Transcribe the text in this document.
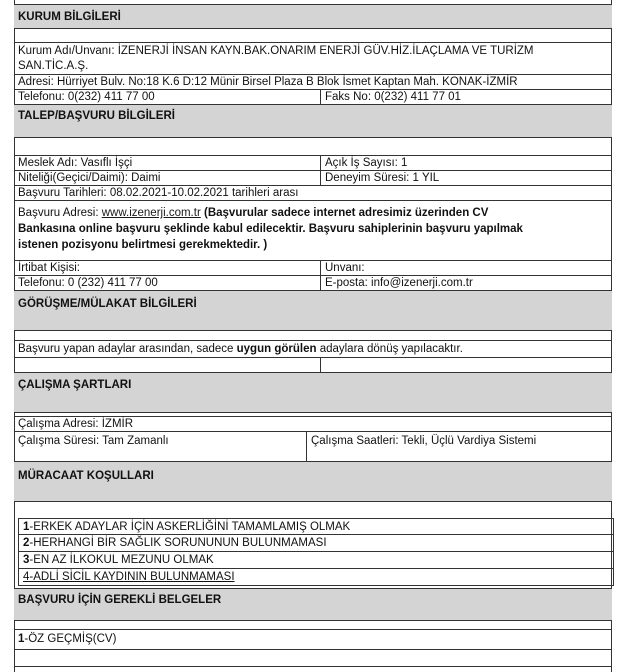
KURUM BİLGİLERİ
Kurum Adı/Unvanı: İZENERJİ İNSAN KAYN.BAK.ONARIM ENERJİ GÜV.HİZ.İLAÇLAMA VE TURİZM
SAN.TİC.A.Ş.
Adresi: Hürriyet Bulv. No:18 K.6 D:12 Münir Birsel Plaza B Blok İsmet Kaptan Mah. KONAK-İZMİR
Telefonu: 0(232) 411 77 00	Faks No: 0(232) 411 77 01
TALEP/BAŞVURU BİLGİLERİ
Meslek Adı: Vasıflı İşçi	Açık İş Sayısı: 1
Niteliği(Geçici/Daimi): Daimi	Deneyim Süresi: 1 YIL
Başvuru Tarihleri: 08.02.2021-10.02.2021 tarihleri arası
Başvuru Adresi: www.izenerji.com.tr (Başvurular sadece internet adresimiz üzerinden CV
Bankasına online başvuru şeklinde kabul edilecektir. Başvuru sahiplerinin başvuru yapılmak
istenen pozisyonu belirtmesi gerekmektedir. )
İrtibat Kişisi:	Unvanı:
Telefonu: 0 (232) 411 77 00	E-posta: info@izenerji.com.tr
GÖRÜŞME/MÜLAKAT BİLGİLERİ
Başvuru yapan adaylar arasından, sadece uygun görülen adaylara dönüş yapılacaktır.
ÇALIŞMA ŞARTLARI
Çalışma Adresi: İZMİR
Çalışma Süresi: Tam Zamanlı	Çalışma Saatleri: Tekli, Üçlü Vardiya Sistemi
MÜRACAAT KOŞULLARI
1-ERKEK ADAYLAR İÇİN ASKERLİĞİNİ TAMAMLAMIŞ OLMAK
2-HERHANGİ BİR SAĞLIK SORUNUNUN BULUNMAMASI
3-EN AZ İLKOKUL MEZUNU OLMAK
4-ADLİ SİCİL KAYDININ BULUNMAMASI
BAŞVURU İÇİN GEREKLİ BELGELER
1-ÖZ GEÇMİŞ(CV)
